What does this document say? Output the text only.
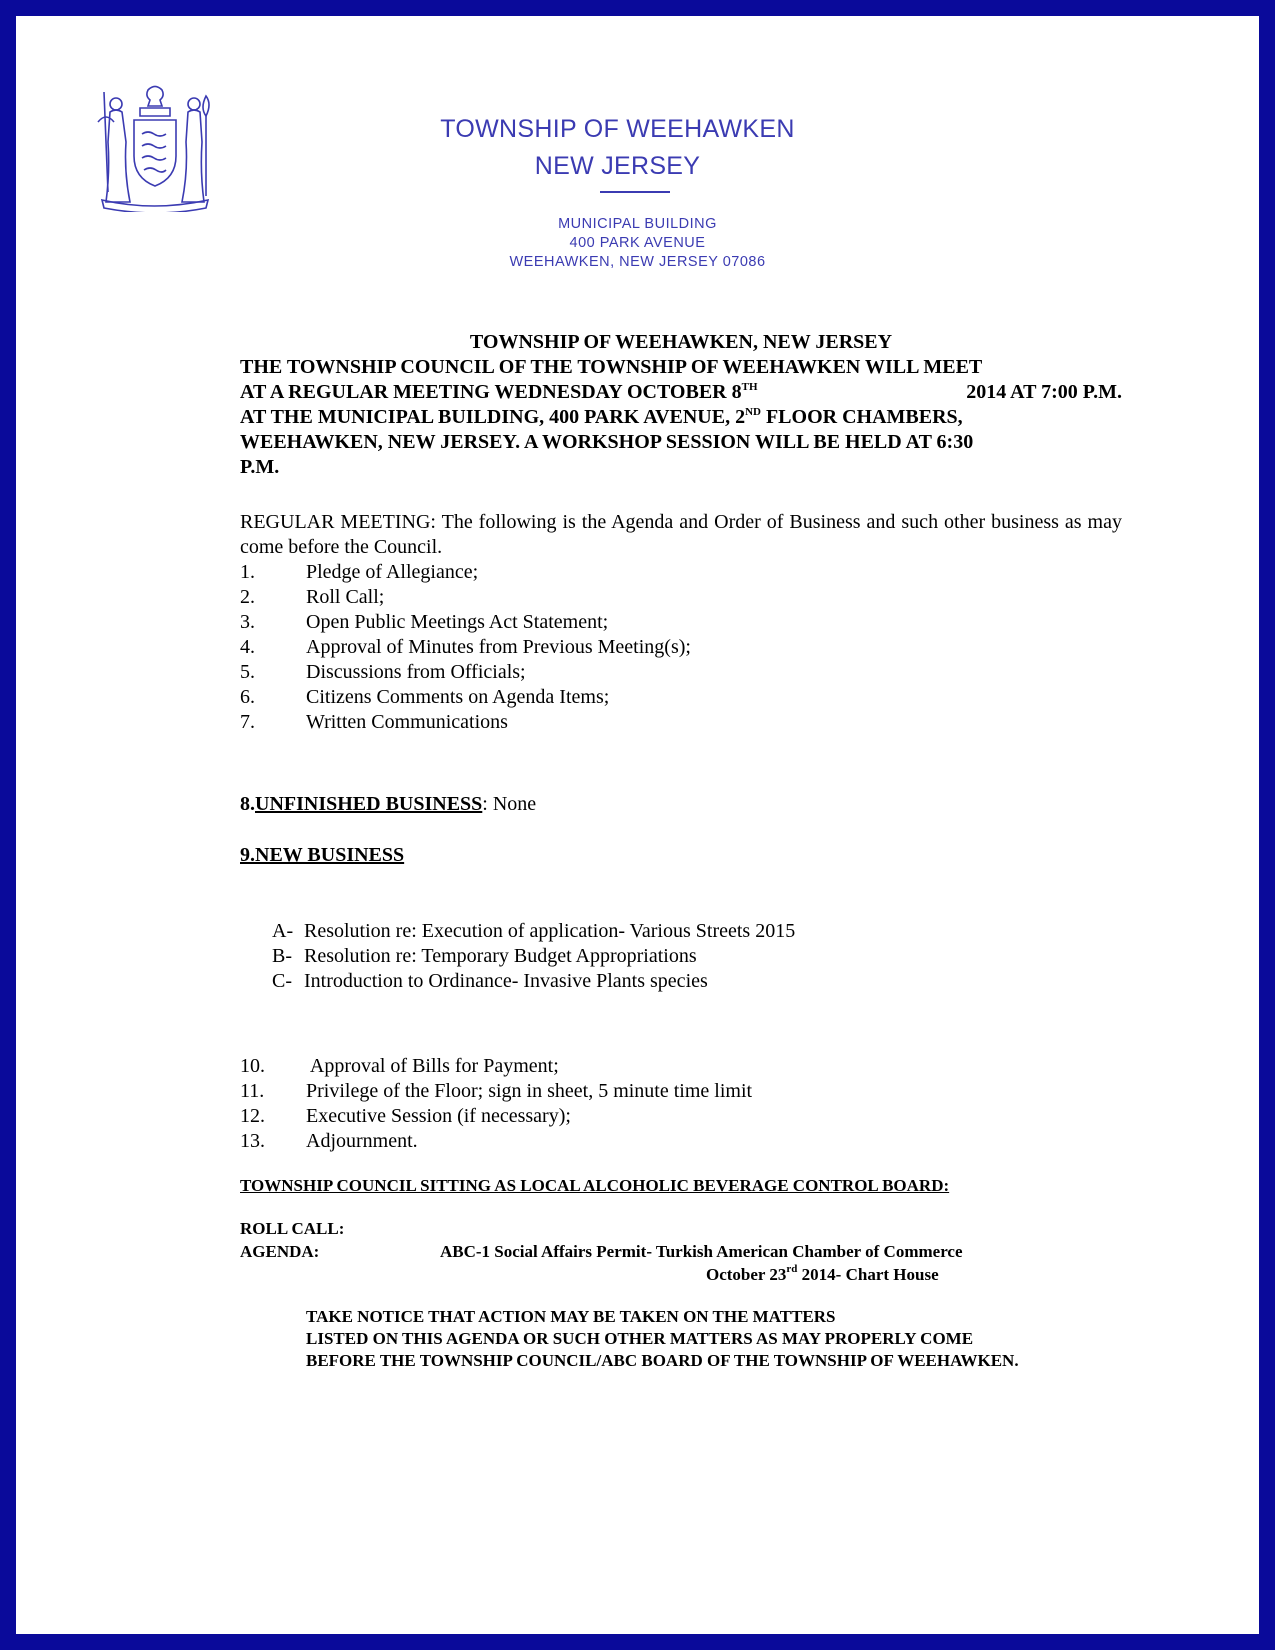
TOWNSHIP OF WEEHAWKEN
NEW JERSEY
MUNICIPAL BUILDING
400 PARK AVENUE
WEEHAWKEN, NEW JERSEY 07086
TOWNSHIP OF WEEHAWKEN, NEW JERSEY
THE TOWNSHIP COUNCIL OF THE TOWNSHIP OF WEEHAWKEN WILL MEET
AT A REGULAR MEETING WEDNESDAY OCTOBER 8TH	2014 AT 7:00 P.M.
AT THE MUNICIPAL BUILDING, 400 PARK AVENUE, 2ND FLOOR CHAMBERS,
WEEHAWKEN, NEW JERSEY. A WORKSHOP SESSION WILL BE HELD AT 6:30
P.M.
REGULAR MEETING: The following is the Agenda and Order of Business and such other business as may come before the Council.
1.	Pledge of Allegiance;
2.	Roll Call;
3.	Open Public Meetings Act Statement;
4.	Approval of Minutes from Previous Meeting(s);
5.	Discussions from Officials;
6.	Citizens Comments on Agenda Items;
7.	Written Communications
8.UNFINISHED BUSINESS: None
9.NEW BUSINESS
A- Resolution re: Execution of application- Various Streets 2015
B- Resolution re: Temporary Budget Appropriations
C- Introduction to Ordinance- Invasive Plants species
10.	Approval of Bills for Payment;
11.	Privilege of the Floor; sign in sheet, 5 minute time limit
12.	Executive Session (if necessary);
13.	Adjournment.
TOWNSHIP COUNCIL SITTING AS LOCAL ALCOHOLIC BEVERAGE CONTROL BOARD:
ROLL CALL:
AGENDA:	ABC-1 Social Affairs Permit- Turkish American Chamber of Commerce
October 23rd 2014- Chart House
TAKE NOTICE THAT ACTION MAY BE TAKEN ON THE MATTERS
LISTED ON THIS AGENDA OR SUCH OTHER MATTERS AS MAY PROPERLY COME
BEFORE THE TOWNSHIP COUNCIL/ABC BOARD OF THE TOWNSHIP OF WEEHAWKEN.
